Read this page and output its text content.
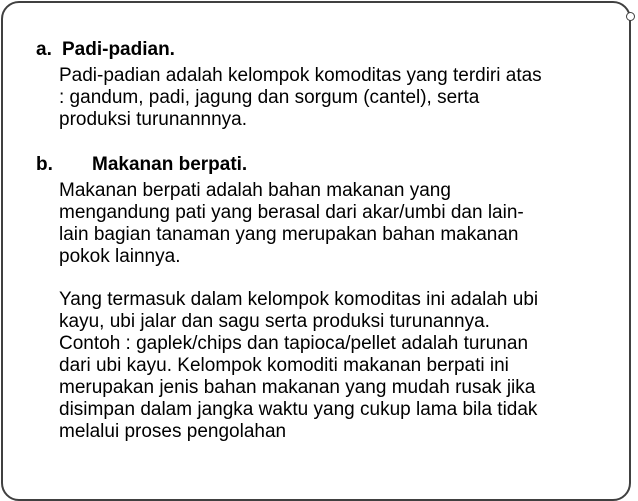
a. Padi-padian.

Padi-padian adalah kelompok komoditas yang terdiri atas
: gandum, padi, jagung dan sorgum (cantel), serta
produksi turunannnya.

b. Makanan berpati.

Makanan berpati adalah bahan makanan yang
mengandung pati yang berasal dari akar/umbi dan lain-
lain bagian tanaman yang merupakan bahan makanan
pokok lainnya.

Yang termasuk dalam kelompok komoditas ini adalah ubi
kayu, ubi jalar dan sagu serta produksi turunannya.
Contoh : gaplek/chips dan tapioca/pellet adalah turunan
dari ubi kayu. Kelompok komoditi makanan berpati ini
merupakan jenis bahan makanan yang mudah rusak jika
disimpan dalam jangka waktu yang cukup lama bila tidak
melalui proses pengolahan
